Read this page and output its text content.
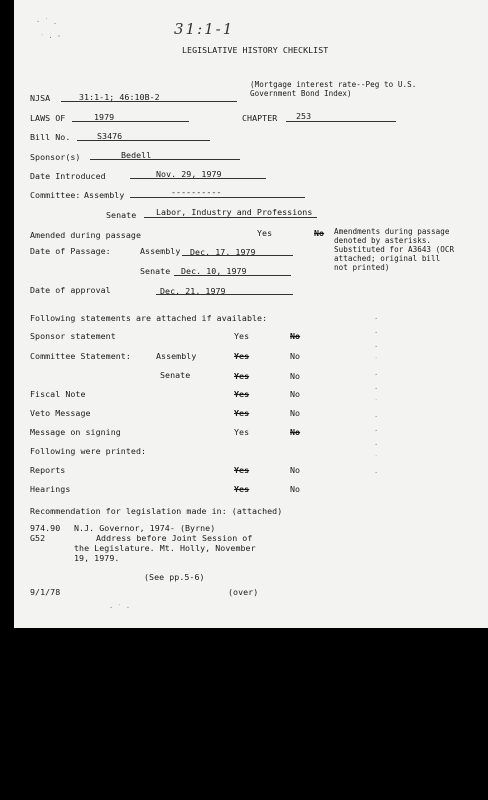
31:1-1
· ˙ .
˙ · '
LEGISLATIVE HISTORY CHECKLIST
(Mortgage interest rate--Peg to U.S.
Government Bond Index)
NJSA	31:1-1; 46:10B-2
LAWS OF	1979	CHAPTER 253
Bill No.	S3476
Sponsor(s)	Bedell
Date Introduced	Nov. 29, 1979
Committee: Assembly	----------
Senate Labor, Industry and Professions
Amended during passage	Yes	No Amendments during passage
denoted by asterisks.
Substituted for A3643 (OCR
attached; original bill
not printed)
Date of Passage:	Assembly Dec. 17, 1979
Senate Dec. 10, 1979
Date of approval	Dec. 21, 1979
Following statements are attached if available:
Sponsor statement	Yes	No
Committee Statement:	Assembly	Yes	No
Senate	Yes	No
Fiscal Note	Yes	No
Veto Message	Yes	No
Message on signing	Yes	No
Following were printed:
Reports	Yes	No
Hearings	Yes	No
Recommendation for legislation made in: (attached)
974.90
G52
N.J. Governor, 1974- (Byrne)
Address before Joint Session of
the Legislature. Mt. Holly, November
19, 1979.
(See pp.5-6)
9/1/78	(over)
·
·
·
˙
·
·
˙
·
·
·
˙
·
· ˙ ·
